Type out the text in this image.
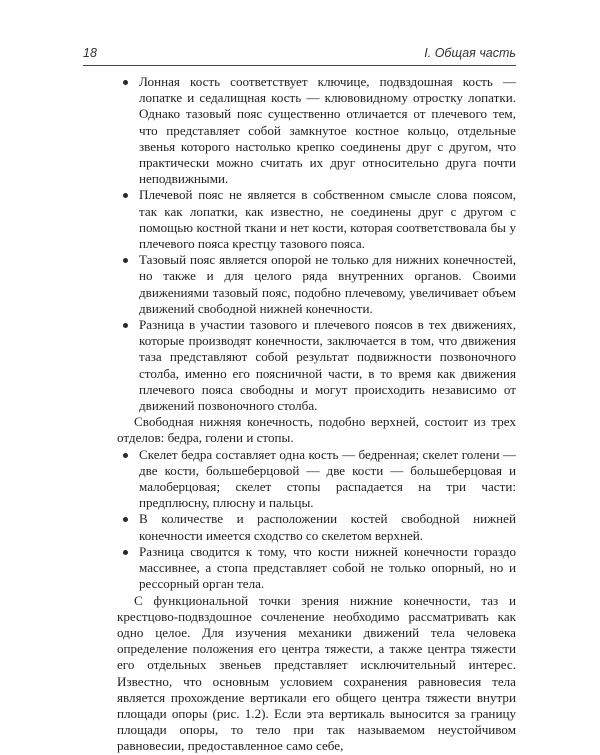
18	I. Общая часть
Лонная кость соответствует ключице, подвздошная кость — лопатке и седалищная кость — клювовидному отростку лопатки. Однако тазовый пояс существенно отличается от плечевого тем, что представляет собой замкнутое костное кольцо, отдельные звенья которого настолько крепко соединены друг с другом, что практически можно считать их друг относительно друга почти неподвижными.
Плечевой пояс не является в собственном смысле слова поясом, так как лопатки, как известно, не соединены друг с другом с помощью костной ткани и нет кости, которая соответствовала бы у плечевого пояса крестцу тазового пояса.
Тазовый пояс является опорой не только для нижних конечностей, но также и для целого ряда внутренних органов. Своими движениями тазовый пояс, подобно плечевому, увеличивает объем движений свободной нижней конечности.
Разница в участии тазового и плечевого поясов в тех движениях, которые производят конечности, заключается в том, что движения таза представляют собой результат подвижности позвоночного столба, именно его поясничной части, в то время как движения плечевого пояса свободны и могут происходить независимо от движений позвоночного столба.

Свободная нижняя конечность, подобно верхней, состоит из трех отделов: бедра, голени и стопы.

Скелет бедра составляет одна кость — бедренная; скелет голени — две кости, большеберцовой — две кости — большеберцовая и малоберцовая; скелет стопы распадается на три части: предплюсну, плюсну и пальцы.
В количестве и расположении костей свободной нижней конечности имеется сходство со скелетом верхней.
Разница сводится к тому, что кости нижней конечности гораздо массивнее, а стопа представляет собой не только опорный, но и рессорный орган тела.

С функциональной точки зрения нижние конечности, таз и крестцово-подвздошное сочленение необходимо рассматривать как одно целое. Для изучения механики движений тела человека определение положения его центра тяжести, а также центра тяжести его отдельных звеньев представляет исключительный интерес. Известно, что основным условием сохранения равновесия тела является прохождение вертикали его общего центра тяжести внутри площади опоры (рис. 1.2). Если эта вертикаль выносится за границу площади опоры, то тело при так называемом неустойчивом равновесии, предоставленное само себе,
